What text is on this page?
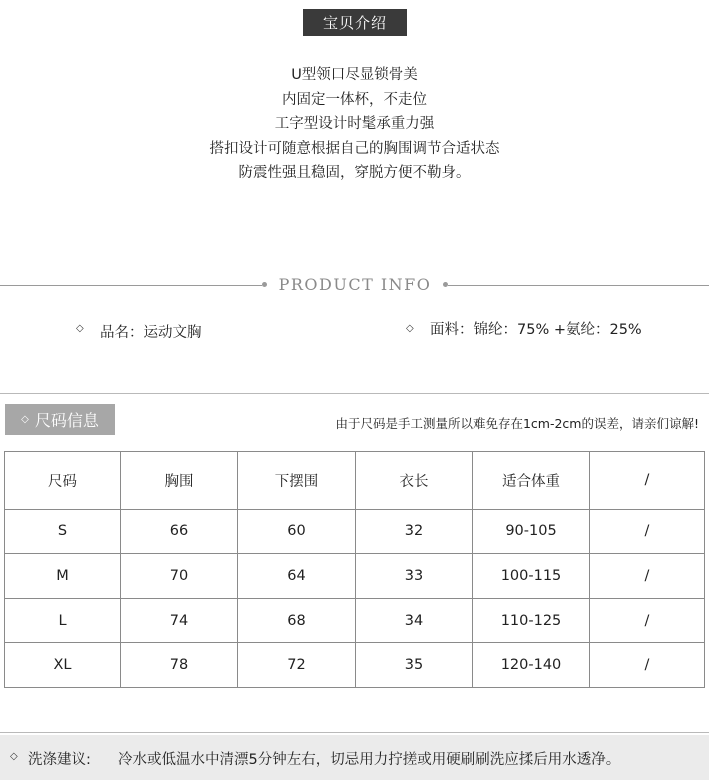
宝贝介绍
U型领口尽显锁骨美
内固定一体杯，不走位
工字型设计时髦承重力强
搭扣设计可随意根据自己的胸围调节合适状态
防震性强且稳固，穿脱方便不勒身。
PRODUCT INFO
◇ 品名：运动文胸	◇ 面料：锦纶：75% +氨纶：25%
◇ 尺码信息	由于尺码是手工测量所以难免存在1cm-2cm的误差，请亲们谅解!
尺码	胸围	下摆围	衣长	适合体重	/
S	66	60	32	90-105	/
M	70	64	33	100-115	/
L	74	68	34	110-125	/
XL	78	72	35	120-140	/
◇ 洗涤建议: 冷水或低温水中清漂5分钟左右，切忌用力拧搓或用硬刷刷洗应揉后用水透净。
